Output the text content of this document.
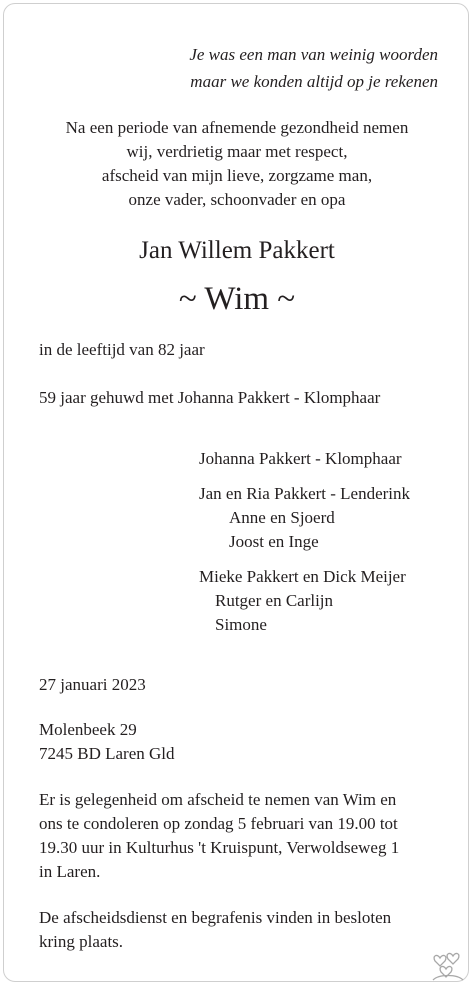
Je was een man van weinig woorden
maar we konden altijd op je rekenen
Na een periode van afnemende gezondheid nemen
wij, verdrietig maar met respect,
afscheid van mijn lieve, zorgzame man,
onze vader, schoonvader en opa
Jan Willem Pakkert
~ Wim ~
in de leeftijd van 82 jaar
59 jaar gehuwd met Johanna Pakkert - Klomphaar
Johanna Pakkert - Klomphaar
Jan en Ria Pakkert - Lenderink
Anne en Sjoerd
Joost en Inge
Mieke Pakkert en Dick Meijer
Rutger en Carlijn
Simone
27 januari 2023
Molenbeek 29
7245 BD Laren Gld
Er is gelegenheid om afscheid te nemen van Wim en
ons te condoleren op zondag 5 februari van 19.00 tot
19.30 uur in Kulturhus 't Kruispunt, Verwoldseweg 1
in Laren.
De afscheidsdienst en begrafenis vinden in besloten
kring plaats.
